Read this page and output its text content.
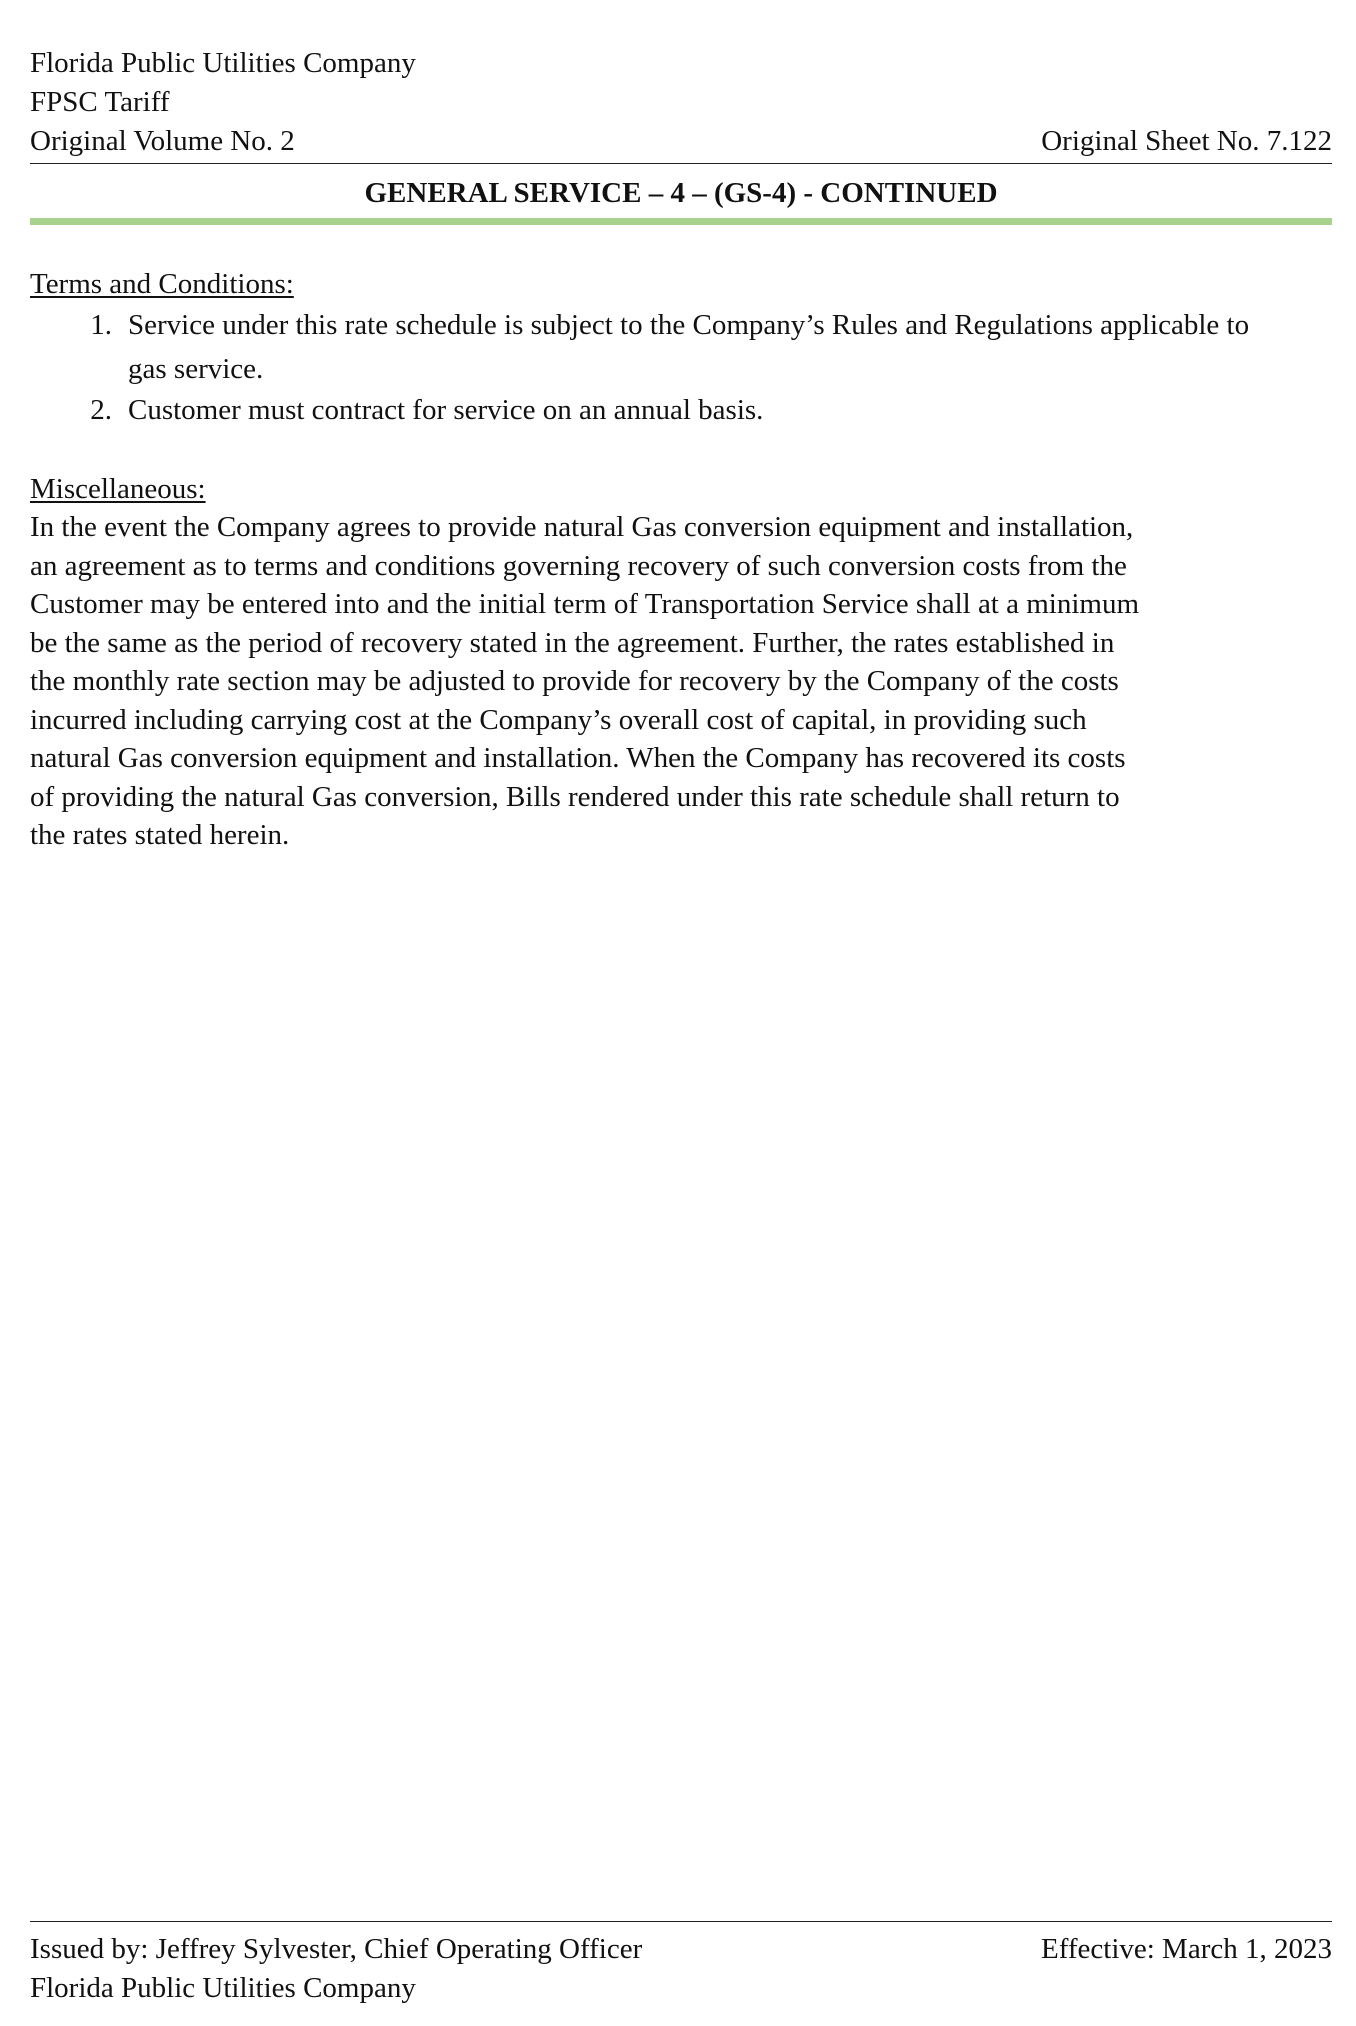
Florida Public Utilities Company
FPSC Tariff
Original Volume No. 2	Original Sheet No. 7.122
GENERAL SERVICE – 4 – (GS-4) - CONTINUED
Terms and Conditions:
1. Service under this rate schedule is subject to the Company’s Rules and Regulations applicable to gas service.
2. Customer must contract for service on an annual basis.
Miscellaneous:
In the event the Company agrees to provide natural Gas conversion equipment and installation,
an agreement as to terms and conditions governing recovery of such conversion costs from the
Customer may be entered into and the initial term of Transportation Service shall at a minimum
be the same as the period of recovery stated in the agreement. Further, the rates established in
the monthly rate section may be adjusted to provide for recovery by the Company of the costs
incurred including carrying cost at the Company’s overall cost of capital, in providing such
natural Gas conversion equipment and installation. When the Company has recovered its costs
of providing the natural Gas conversion, Bills rendered under this rate schedule shall return to
the rates stated herein.
Issued by: Jeffrey Sylvester, Chief Operating Officer	Effective: March 1, 2023
Florida Public Utilities Company
